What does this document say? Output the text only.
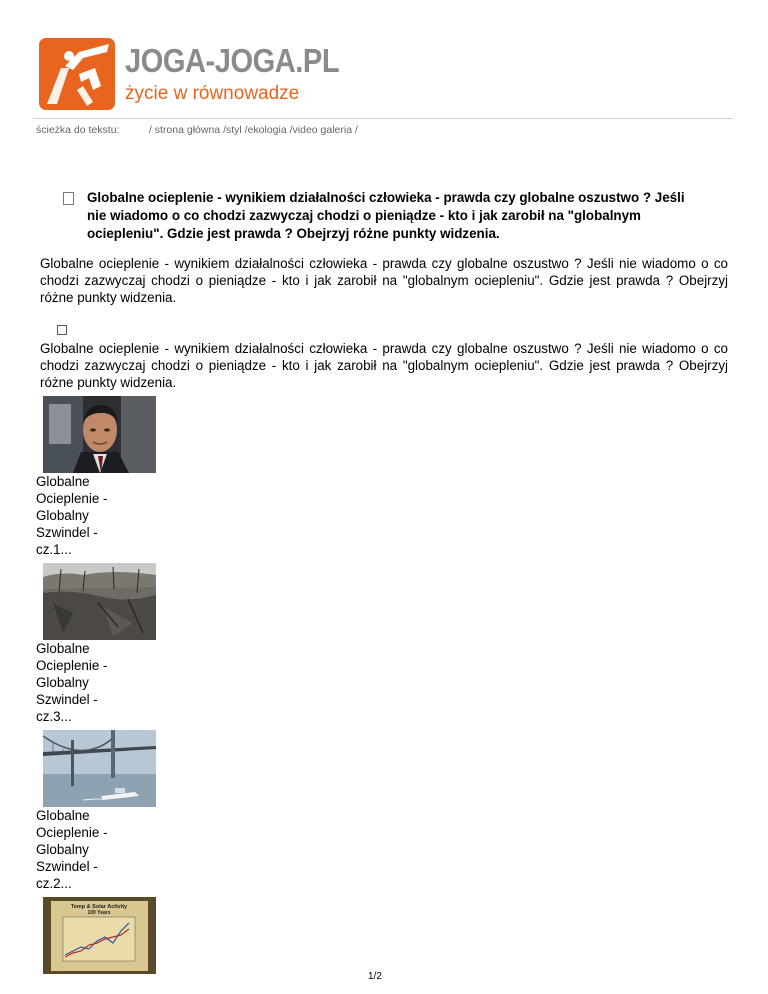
JOGA-JOGA.PL
życie w równowadze
ścieżka do tekstu:	/ strona główna /styl /ekologia /video galeria /
Globalne ocieplenie - wynikiem działalności człowieka - prawda czy globalne oszustwo ? Jeśli nie wiadomo o co chodzi zazwyczaj chodzi o pieniądze - kto i jak zarobił na "globalnym ociepleniu". Gdzie jest prawda ? Obejrzyj różne punkty widzenia.
Globalne ocieplenie - wynikiem działalności człowieka - prawda czy globalne oszustwo ? Jeśli nie wiadomo o co chodzi zazwyczaj chodzi o pieniądze - kto i jak zarobił na "globalnym ociepleniu". Gdzie jest prawda ? Obejrzyj różne punkty widzenia.
Globalne ocieplenie - wynikiem działalności człowieka - prawda czy globalne oszustwo ? Jeśli nie wiadomo o co chodzi zazwyczaj chodzi o pieniądze - kto i jak zarobił na "globalnym ociepleniu". Gdzie jest prawda ? Obejrzyj różne punkty widzenia.
Globalne
Ocieplenie -
Globalny
Szwindel -
cz.1...
Globalne
Ocieplenie -
Globalny
Szwindel -
cz.3...
Globalne
Ocieplenie -
Globalny
Szwindel -
cz.2...
Temp & Solar Activity
100 Years
1/2
